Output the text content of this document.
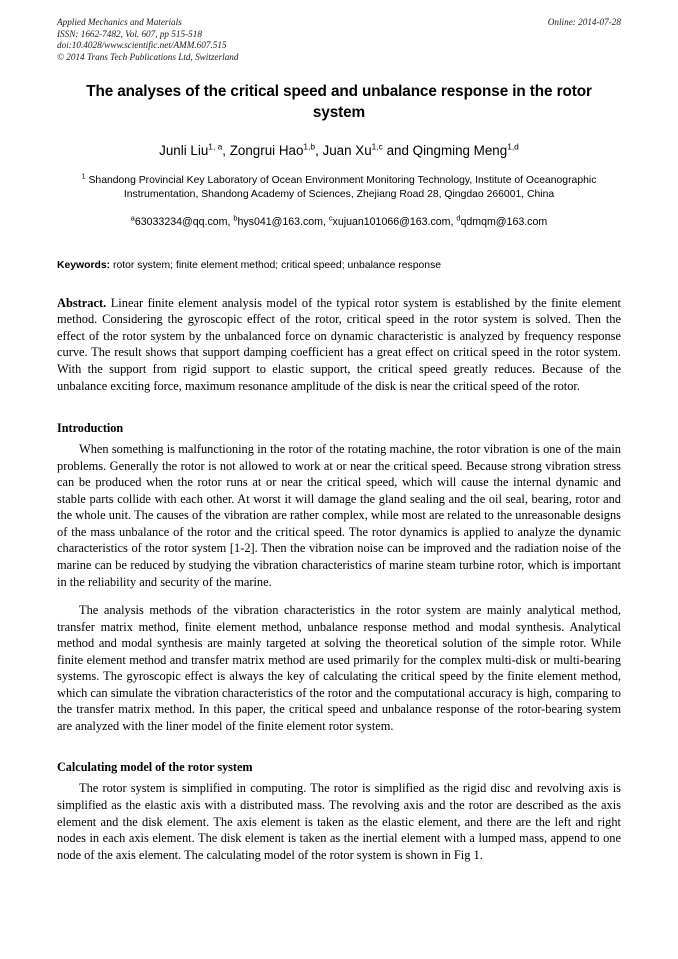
Applied Mechanics and Materials
ISSN: 1662-7482, Vol. 607, pp 515-518
doi:10.4028/www.scientific.net/AMM.607.515
© 2014 Trans Tech Publications Ltd, Switzerland
Online: 2014-07-28
The analyses of the critical speed and unbalance response in the rotor system
Junli Liu$^{1, a}$, Zongrui Hao$^{1,b}$, Juan Xu$^{1,c}$ and Qingming Meng$^{1,d}$
$^1$ Shandong Provincial Key Laboratory of Ocean Environment Monitoring Technology, Institute of Oceanographic Instrumentation, Shandong Academy of Sciences, Zhejiang Road 28, Qingdao 266001, China
$^a$63033234@qq.com, $^b$hys041@163.com, $^c$xujuan101066@163.com, $^d$qdmqm@163.com
Keywords: rotor system; finite element method; critical speed; unbalance response
Abstract. Linear finite element analysis model of the typical rotor system is established by the finite element method. Considering the gyroscopic effect of the rotor, critical speed in the rotor system is solved. Then the effect of the rotor system by the unbalanced force on dynamic characteristic is analyzed by frequency response curve. The result shows that support damping coefficient has a great effect on critical speed in the rotor system. With the support from rigid support to elastic support, the critical speed greatly reduces. Because of the unbalance exciting force, maximum resonance amplitude of the disk is near the critical speed of the rotor.
Introduction

When something is malfunctioning in the rotor of the rotating machine, the rotor vibration is one of the main problems. Generally the rotor is not allowed to work at or near the critical speed. Because strong vibration stress can be produced when the rotor runs at or near the critical speed, which will cause the internal dynamic and stable parts collide with each other. At worst it will damage the gland sealing and the oil seal, bearing, rotor and the whole unit. The causes of the vibration are rather complex, while most are related to the unreasonable designs of the mass unbalance of the rotor and the critical speed. The rotor dynamics is applied to analyze the dynamic characteristics of the rotor system [1-2]. Then the vibration noise can be improved and the radiation noise of the marine can be reduced by studying the vibration characteristics of marine steam turbine rotor, which is important in the reliability and security of the marine.

The analysis methods of the vibration characteristics in the rotor system are mainly analytical method, transfer matrix method, finite element method, unbalance response method and modal synthesis. Analytical method and modal synthesis are mainly targeted at solving the theoretical solution of the simple rotor. While finite element method and transfer matrix method are used primarily for the complex multi-disk or multi-bearing systems. The gyroscopic effect is always the key of calculating the critical speed by the finite element method, which can simulate the vibration characteristics of the rotor and the computational accuracy is high, comparing to the transfer matrix method. In this paper, the critical speed and unbalance response of the rotor-bearing system are analyzed with the liner model of the finite element rotor system.

Calculating model of the rotor system

The rotor system is simplified in computing. The rotor is simplified as the rigid disc and revolving axis is simplified as the elastic axis with a distributed mass. The revolving axis and the rotor are described as the axis element and the disk element. The axis element is taken as the elastic element, and there are the left and right nodes in each axis element. The disk element is taken as the inertial element with a lumped mass, append to one node of the axis element. The calculating model of the rotor system is shown in Fig 1.
